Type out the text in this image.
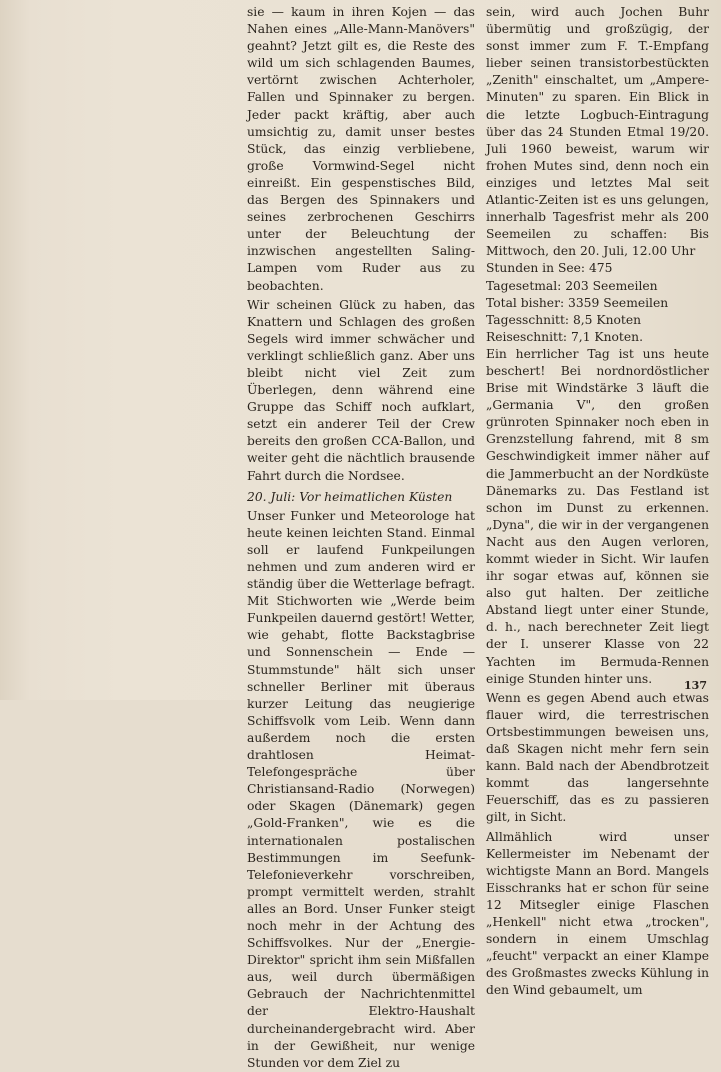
sie — kaum in ihren Kojen — das Nahen eines „Alle-Mann-Manövers" geahnt? Jetzt gilt es, die Reste des wild um sich schlagenden Baumes, vertörnt zwischen Achterholer, Fallen und Spinnaker zu bergen. Jeder packt kräftig, aber auch umsichtig zu, damit unser bestes Stück, das einzig verbliebene, große Vormwind-Segel nicht einreißt. Ein gespenstisches Bild, das Bergen des Spinnakers und seines zerbrochenen Geschirrs unter der Beleuchtung der inzwischen angestellten Saling-Lampen vom Ruder aus zu beobachten.

Wir scheinen Glück zu haben, das Knattern und Schlagen des großen Segels wird immer schwächer und verklingt schließlich ganz. Aber uns bleibt nicht viel Zeit zum Überlegen, denn während eine Gruppe das Schiff noch aufklart, setzt ein anderer Teil der Crew bereits den großen CCA-Ballon, und weiter geht die nächtlich brausende Fahrt durch die Nordsee.

20. Juli: Vor heimatlichen Küsten

Unser Funker und Meteorologe hat heute keinen leichten Stand. Einmal soll er laufend Funkpeilungen nehmen und zum anderen wird er ständig über die Wetterlage befragt. Mit Stichworten wie „Werde beim Funkpeilen dauernd gestört! Wetter, wie gehabt, flotte Backstagbrise und Sonnenschein — Ende — Stummstunde" hält sich unser schneller Berliner mit überaus kurzer Leitung das neugierige Schiffsvolk vom Leib. Wenn dann außerdem noch die ersten drahtlosen Heimat-Telefongespräche über Christiansand-Radio (Norwegen) oder Skagen (Dänemark) gegen „Gold-Franken", wie es die internationalen postalischen Bestimmungen im Seefunk-Telefonieverkehr vorschreiben, prompt vermittelt werden, strahlt alles an Bord. Unser Funker steigt noch mehr in der Achtung des Schiffsvolkes. Nur der „Energie-Direktor" spricht ihm sein Mißfallen aus, weil durch übermäßigen Gebrauch der Nachrichtenmittel der Elektro-Haushalt durcheinandergebracht wird. Aber in der Gewißheit, nur wenige Stunden vor dem Ziel zu

sein, wird auch Jochen Buhr übermütig und großzügig, der sonst immer zum F. T.-Empfang lieber seinen transistorbestückten „Zenith" einschaltet, um „Ampere-Minuten" zu sparen. Ein Blick in die letzte Logbuch-Eintragung über das 24 Stunden Etmal 19/20. Juli 1960 beweist, warum wir frohen Mutes sind, denn noch ein einziges und letztes Mal seit Atlantic-Zeiten ist es uns gelungen, innerhalb Tagesfrist mehr als 200 Seemeilen zu schaffen: Bis Mittwoch, den 20. Juli, 12.00 Uhr

Stunden in See: 475
Tagesetmal: 203 Seemeilen
Total bisher: 3359 Seemeilen
Tagesschnitt: 8,5 Knoten
Reiseschnitt: 7,1 Knoten.

Ein herrlicher Tag ist uns heute beschert! Bei nordnordöstlicher Brise mit Windstärke 3 läuft die „Germania V", den großen grünroten Spinnaker noch eben in Grenzstellung fahrend, mit 8 sm Geschwindigkeit immer näher auf die Jammerbucht an der Nordküste Dänemarks zu. Das Festland ist schon im Dunst zu erkennen. „Dyna", die wir in der vergangenen Nacht aus den Augen verloren, kommt wieder in Sicht. Wir laufen ihr sogar etwas auf, können sie also gut halten. Der zeitliche Abstand liegt unter einer Stunde, d. h., nach berechneter Zeit liegt der I. unserer Klasse von 22 Yachten im Bermuda-Rennen einige Stunden hinter uns.

Wenn es gegen Abend auch etwas flauer wird, die terrestrischen Ortsbestimmungen beweisen uns, daß Skagen nicht mehr fern sein kann. Bald nach der Abendbrotzeit kommt das langersehnte Feuerschiff, das es zu passieren gilt, in Sicht.

Allmählich wird unser Kellermeister im Nebenamt der wichtigste Mann an Bord. Mangels Eisschranks hat er schon für seine 12 Mitsegler einige Flaschen „Henkell" nicht etwa „trocken", sondern in einem Umschlag „feucht" verpackt an einer Klampe des Großmastes zwecks Kühlung in den Wind gebaumelt, um

137
